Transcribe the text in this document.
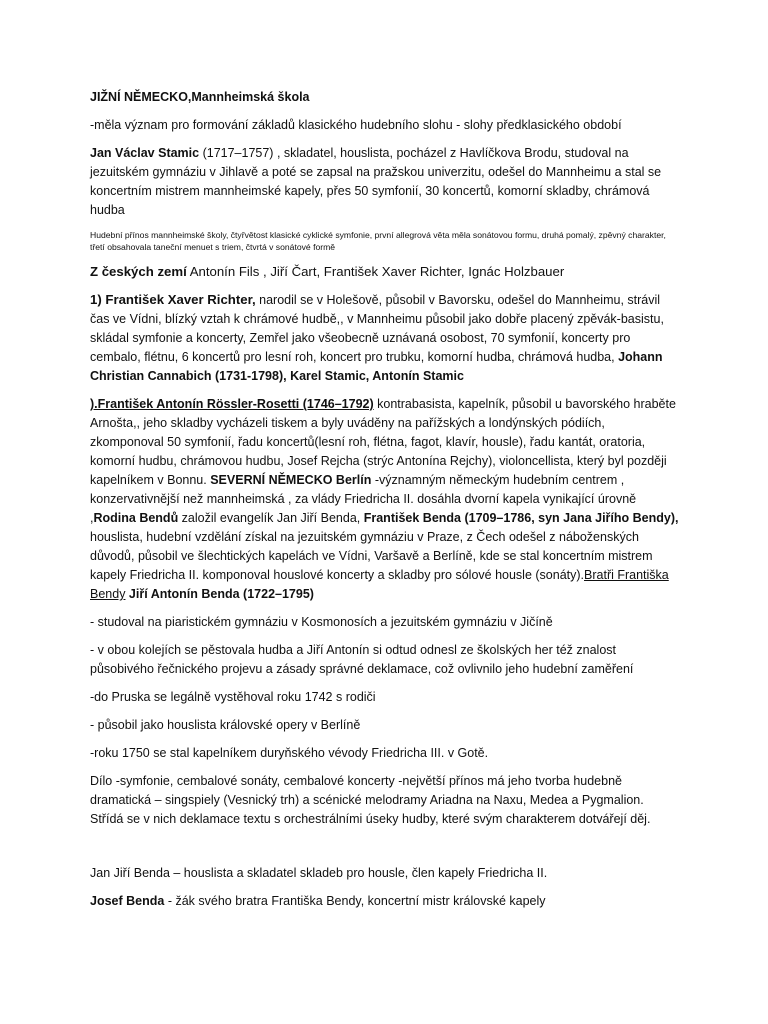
JIŽNÍ NĚMECKO,Mannheimská škola

-měla význam pro formování základů klasického hudebního slohu - slohy předklasického období

Jan Václav Stamic (1717–1757) , skladatel, houslista, pocházel z Havlíčkova Brodu, studoval na jezuitském gymnáziu v Jihlavě a poté se zapsal na pražskou univerzitu, odešel do Mannheimu a stal se koncertním mistrem mannheimské kapely, přes 50 symfonií, 30 koncertů, komorní skladby, chrámová hudba

Hudební přínos mannheimské školy, čtyřvětost klasické cyklické symfonie, první allegrová věta měla sonátovou formu, druhá pomalý, zpěvný charakter, třetí obsahovala taneční menuet s triem, čtvrtá v sonátové formě

Z českých zemí Antonín Fils , Jiří Čart, František Xaver Richter, Ignác Holzbauer

1) František Xaver Richter, narodil se v Holešově, působil v Bavorsku, odešel do Mannheimu, strávil čas ve Vídni, blízký vztah k chrámové hudbě,, v Mannheimu působil jako dobře placený zpěvák-basistu, skládal symfonie a koncerty, Zemřel jako všeobecně uznávaná osobost, 70 symfonií, koncerty pro cembalo, flétnu, 6 koncertů pro lesní roh, koncert pro trubku, komorní hudba, chrámová hudba, Johann Christian Cannabich (1731-1798), Karel Stamic, Antonín Stamic

).František Antonín Rössler-Rosetti (1746–1792) kontrabasista, kapelník, působil u bavorského hraběte Arnošta,, jeho skladby vycházeli tiskem a byly uváděny na pařížských a londýnských pódiích, zkomponoval 50 symfonií, řadu koncertů(lesní roh, flétna, fagot, klavír, housle), řadu kantát, oratoria, komorní hudbu, chrámovou hudbu, Josef Rejcha (strýc Antonína Rejchy), violoncellista, který byl později kapelníkem v Bonnu. SEVERNÍ NĚMECKO Berlín -významným německým hudebním centrem , konzervativnější než mannheimská , za vlády Friedricha II. dosáhla dvorní kapela vynikající úrovně ,Rodina Bendů založil evangelík Jan Jiří Benda, František Benda (1709–1786, syn Jana Jiřího Bendy), houslista, hudební vzdělání získal na jezuitském gymnáziu v Praze, z Čech odešel z náboženských důvodů, působil ve šlechtických kapelách ve Vídni, Varšavě a Berlíně, kde se stal koncertním mistrem kapely Friedricha II. komponoval houslové koncerty a skladby pro sólové housle (sonáty).Bratři Františka Bendy Jiří Antonín Benda (1722–1795)

- studoval na piaristickém gymnáziu v Kosmonosích a jezuitském gymnáziu v Jičíně

- v obou kolejích se pěstovala hudba a Jiří Antonín si odtud odnesl ze školských her též znalost působivého řečnického projevu a zásady správné deklamace, což ovlivnilo jeho hudební zaměření

-do Pruska se legálně vystěhoval roku 1742 s rodiči

- působil jako houslista královské opery v Berlíně

-roku 1750 se stal kapelníkem duryňského vévody Friedricha III. v Gotě.

Dílo -symfonie, cembalové sonáty, cembalové koncerty -největší přínos má jeho tvorba hudebně dramatická – singspiely (Vesnický trh) a scénické melodramy Ariadna na Naxu, Medea a Pygmalion. Střídá se v nich deklamace textu s orchestrálními úseky hudby, které svým charakterem dotvářejí děj.

Jan Jiří Benda – houslista a skladatel skladeb pro housle, člen kapely Friedricha II.

Josef Benda - žák svého bratra Františka Bendy, koncertní mistr královské kapely
